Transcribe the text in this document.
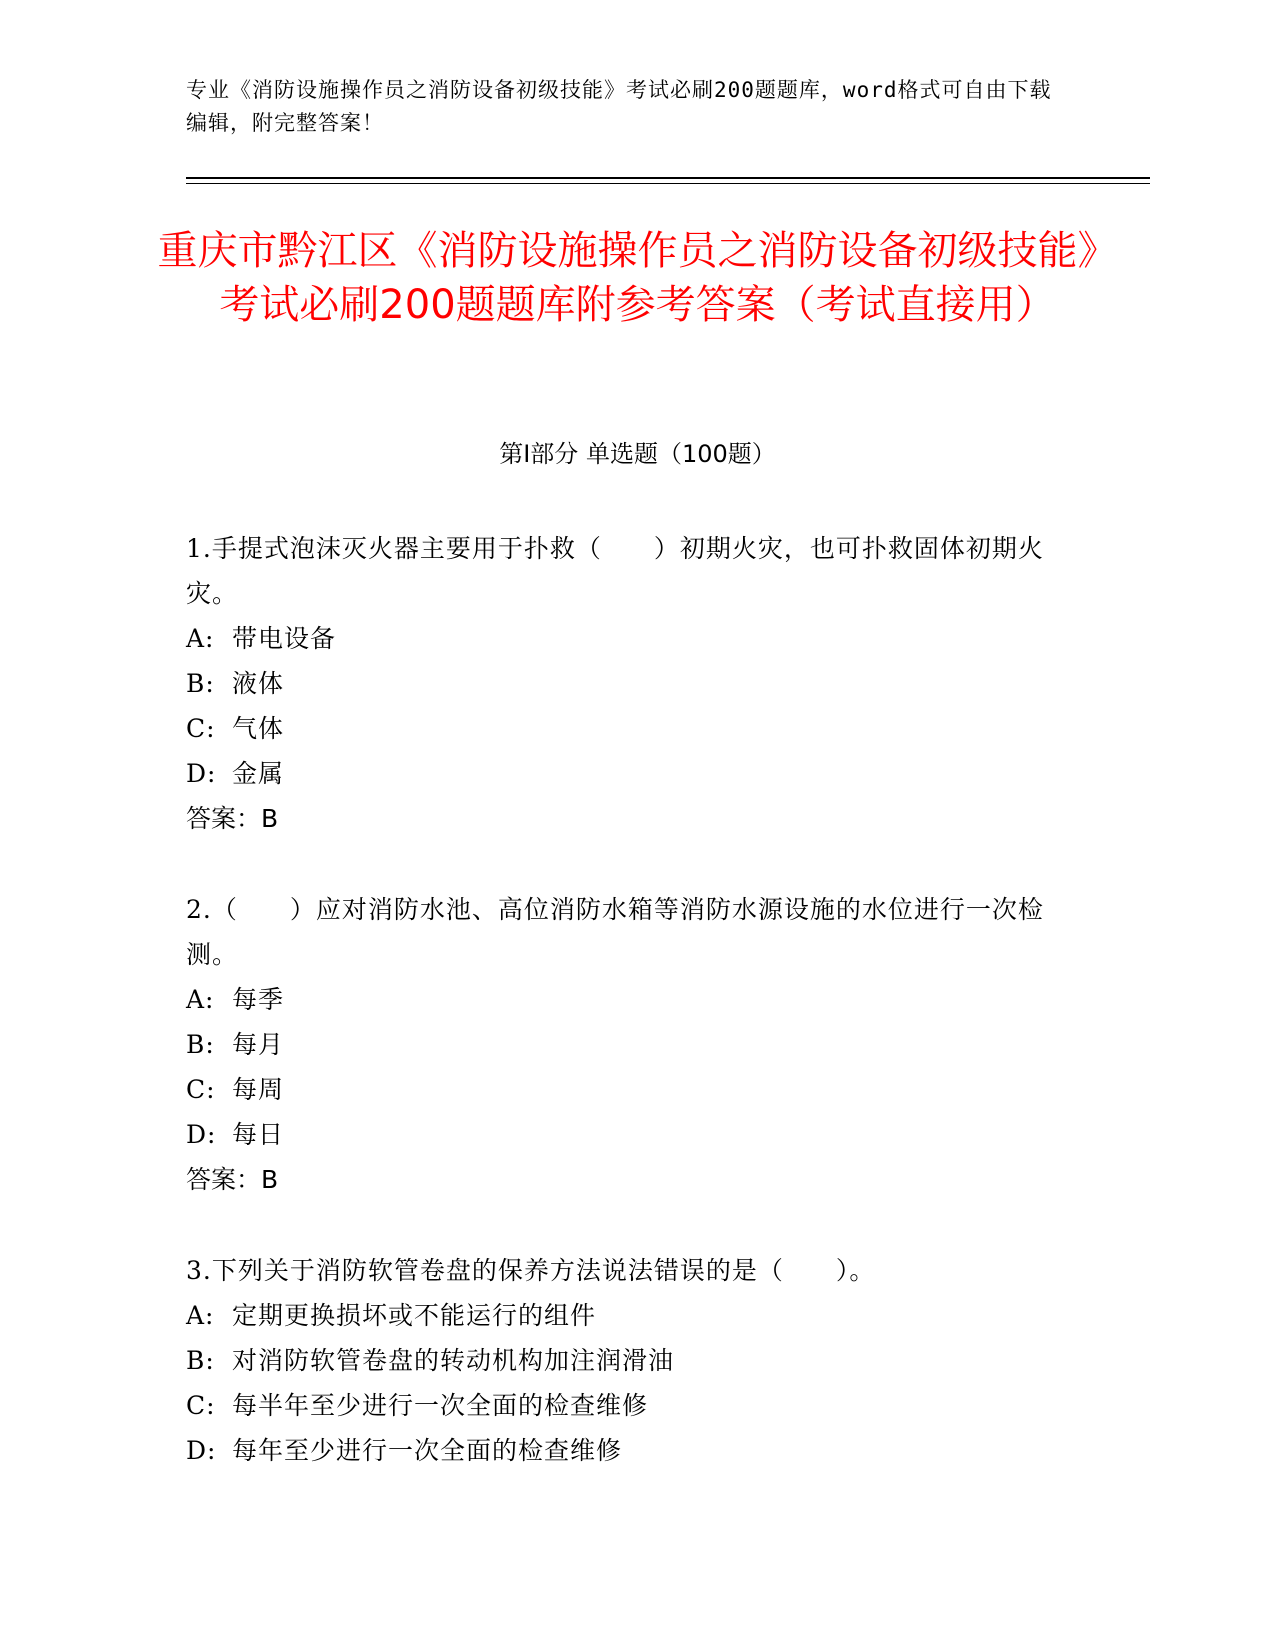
专业《消防设施操作员之消防设备初级技能》考试必刷200题题库，word格式可自由下载编辑，附完整答案！
重庆市黔江区《消防设施操作员之消防设备初级技能》考试必刷200题题库附参考答案（考试直接用）
第Ⅰ部分 单选题（100题）
1.手提式泡沫灭火器主要用于扑救（　　）初期火灾，也可扑救固体初期火灾。
A: 带电设备
B: 液体
C: 气体
D: 金属
答案：B
2.（　　）应对消防水池、高位消防水箱等消防水源设施的水位进行一次检测。
A: 每季
B: 每月
C: 每周
D: 每日
答案：B
3.下列关于消防软管卷盘的保养方法说法错误的是（　　）。
A: 定期更换损坏或不能运行的组件
B: 对消防软管卷盘的转动机构加注润滑油
C: 每半年至少进行一次全面的检查维修
D: 每年至少进行一次全面的检查维修
